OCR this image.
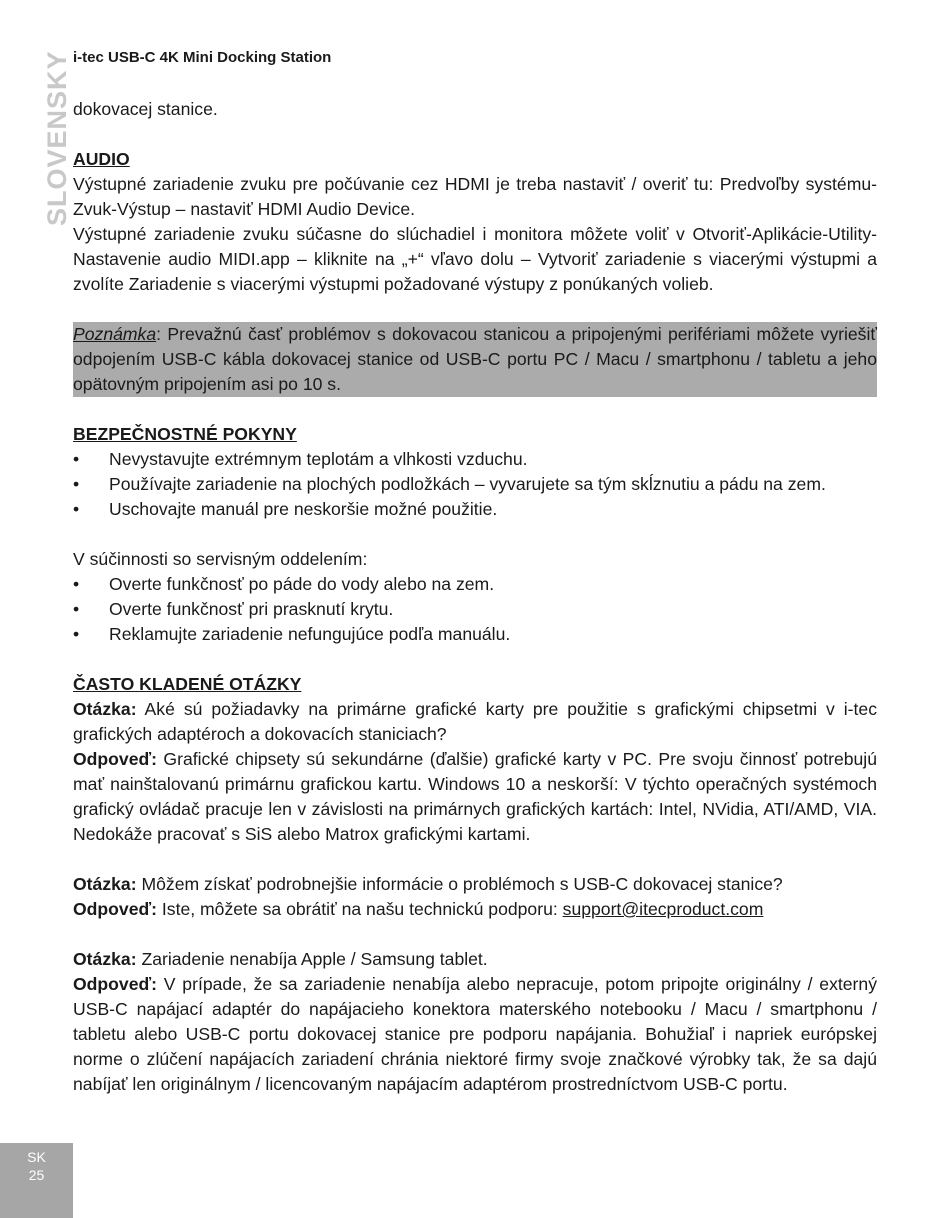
i-tec USB-C 4K Mini Docking Station
SLOVENSKY dokovacej stanice.

AUDIO

Výstupné zariadenie zvuku pre počúvanie cez HDMI je treba nastaviť / overiť tu: Predvoľby systému-Zvuk-Výstup – nastaviť HDMI Audio Device.

Výstupné zariadenie zvuku súčasne do slúchadiel i monitora môžete voliť v Otvoriť-Aplikácie-Utility-Nastavenie audio MIDI.app – kliknite na „+“ vľavo dolu – Vytvoriť zariadenie s viacerými výstupmi a zvolíte Zariadenie s viacerými výstupmi požadované výstupy z ponúkaných volieb.

Poznámka: Prevažnú časť problémov s dokovacou stanicou a pripojenými perifériami môžete vyriešiť odpojením USB-C kábla dokovacej stanice od USB-C portu PC / Macu / smartphonu / tabletu a jeho opätovným pripojením asi po 10 s.

BEZPEČNOSTNÉ POKYNY

• Nevystavujte extrémnym teplotám a vlhkosti vzduchu.
• Používajte zariadenie na plochých podložkách – vyvarujete sa tým skĺznutiu a pádu na zem.
• Uschovajte manuál pre neskoršie možné použitie.

V súčinnosti so servisným oddelením:

• Overte funkčnosť po páde do vody alebo na zem.
• Overte funkčnosť pri prasknutí krytu.
• Reklamujte zariadenie nefungujúce podľa manuálu.

ČASTO KLADENÉ OTÁZKY

Otázka: Aké sú požiadavky na primárne grafické karty pre použitie s grafickými chipsetmi v i-tec grafických adaptéroch a dokovacích staniciach?

Odpoveď: Grafické chipsety sú sekundárne (ďalšie) grafické karty v PC. Pre svoju činnosť potrebujú mať nainštalovanú primárnu grafickou kartu. Windows 10 a neskorší: V týchto operačných systémoch grafický ovládač pracuje len v závislosti na primárnych grafických kartách: Intel, NVidia, ATI/AMD, VIA. Nedokáže pracovať s SiS alebo Matrox grafickými kartami.

Otázka: Môžem získať podrobnejšie informácie o problémoch s USB-C dokovacej stanice?

Odpoveď: Iste, môžete sa obrátiť na našu technickú podporu: support@itecproduct.com

Otázka: Zariadenie nenabíja Apple / Samsung tablet.

Odpoveď: V prípade, že sa zariadenie nenabíja alebo nepracuje, potom pripojte originálny / externý USB-C napájací adaptér do napájacieho konektora materského notebooku / Macu / smartphonu / tabletu alebo USB-C portu dokovacej stanice pre podporu napájania. Bohužiaľ i napriek európskej norme o zlúčení napájacích zariadení chránia niektoré firmy svoje značkové výrobky tak, že sa dajú nabíjať len originálnym / licencovaným napájacím adaptérom prostredníctvom USB-C portu.

SK
25
